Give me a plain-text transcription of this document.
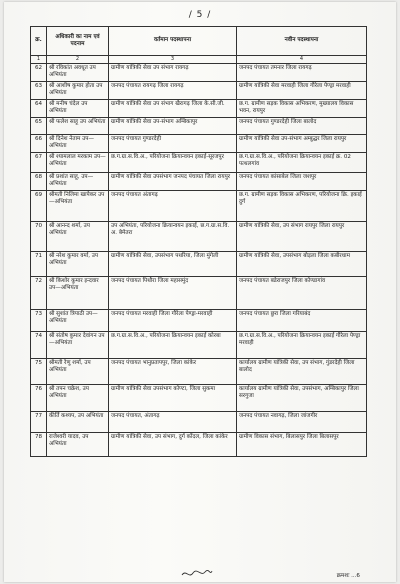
/ 5 /
क्र.	अधिकारी का नाम एवं पदनाम	वर्तमान पदस्थापना	नवीन पदस्थापना
1	2	3	4
62	श्री रविकांत अवधूत उप अभियंता	ग्रामीण यांत्रिकी सेवा उप संभाग रायगढ़	जनपद पंचायत तमनार जिला रायगढ़
63	श्री आशीष कुमार होता उप अभियंता	जनपद पंचायत रायगढ़ जिला रायगढ़	ग्रामीण यांत्रिकी सेवा मरवाही जिला गौरेला पेण्ड्रा मरवाही
64	श्री मनीष चंदेल उप अभियंता	ग्रामीण यांत्रिकी सेवा उप संभाग खैरागढ़ जिला के.सी.जी.	छ.ग. ग्रामीण सड़क विकास अभिकरण, मुख्यालय विकास भवन, रायपुर
65	श्री फलेश साहू उप अभियंता	ग्रामीण यांत्रिकी सेवा उप-संभाग अम्बिकापुर	जनपद पंचायत गुण्डरदेही जिला बालोद
66	श्री दिनेश नेताम उप—अभियंता	जनपद पंचायत गुण्डरदेही	ग्रामीण यांत्रिकी सेवा उप-संभाग अम्बुद्धर जिला रायपुर
67	श्री श्यामलाल मरकाम उप—अभियंता	छ.ग.ग्रा.स.वि.अ., परियोजना क्रियान्वयन इकाई-सूरजपुर	छ.ग.ग्रा.स.वि.अ., परियोजना क्रियान्वयन इकाई क्र. 02 पत्थलगांव
68	श्री प्रशांत साहू, उप—अभियंता	ग्रामीण यांत्रिकी सेवा उपसंभाग जनपद पंचायत जिला रायपुर	जनपद पंचायत कांसाबेल जिला जशपुर
69	श्रीमती निलिमा खापेकर उप—अभियंता	जनपद पंचायत अंतागढ़	छ.ग. ग्रामीण सड़क विकास अभिकरण, परियोजना क्रि. इकाई दुर्ग
70	श्री आनन्द शर्मा, उप अभियंता	उप अभियंता, परियोजना क्रियान्वयन इकाई, छ.ग.ग्रा.स.वि. अ. बेमेतरा	ग्रामीण यांत्रिकी सेवा, उप संभाग रायपुर जिला रायपुर
71	श्री नरेश कुमार वर्मा, उप अभियंता	ग्रामीण यांत्रिकी सेवा, उपसंभाग पथरिया, जिला मुंगेली	ग्रामीण यांत्रिकी सेवा, उपसंभाग बोड़ला जिला कबीरधाम
72	श्री किशोर कुमार इन्दवार उप—अभियंता	जनपद पंचायत पिथौरा जिला महासमुंद	जनपद पंचायत बडेराजपुर जिला कोण्डागांव
73	श्री सुशांत त्रिपाठी उप—अभियंता	जनपद पंचायत मरवाही जिला गौरेला पेण्ड्रा-मरवाही	जनपद पंचायत छुरा जिला गरियाबंद
74	श्री संतोष कुमार देवांगन उप—अभियंता	छ.ग.ग्रा.स.वि.अ., परियोजना क्रियान्वयन इकाई कोरबा	छ.ग.ग्रा.स.वि.अ., परियोजना क्रियान्वयन इकाई गौरेला पेण्ड्रा मरवाही
75	श्रीमती रेणु शर्मा, उप अभियंता	जनपद पंचायत भानुप्रतापपुर, जिला कांकेर	कार्यालय ग्रामीण यांत्रिकी सेवा, उप संभाग, गुंडरदेही जिला बालोद
76	श्री तपन चक्रेश, उप अभियंता	ग्रामीण यांत्रिकी सेवा उपसंभाग कोण्टा, जिला सुकमा	कार्यालय ग्रामीण यांत्रिकी सेवा, उपसंभाग, अम्बिकापुर जिला सरगुजा
77	कीर्ति कश्यप, उप अभियंता	जनपद पंचायत, अंतागढ़	जनपद पंचायत नवागढ़, जिला जांजगीर
78	राजेश्वरी यादव, उप अभियंता	ग्रामीण यांत्रिकी सेवा, उप संभाग, दुर्ग कोंदल, जिला कांकेर	ग्रामीण विकास संभाग, बिलासपुर जिला बिलासपुर
क्रमशः ...6
